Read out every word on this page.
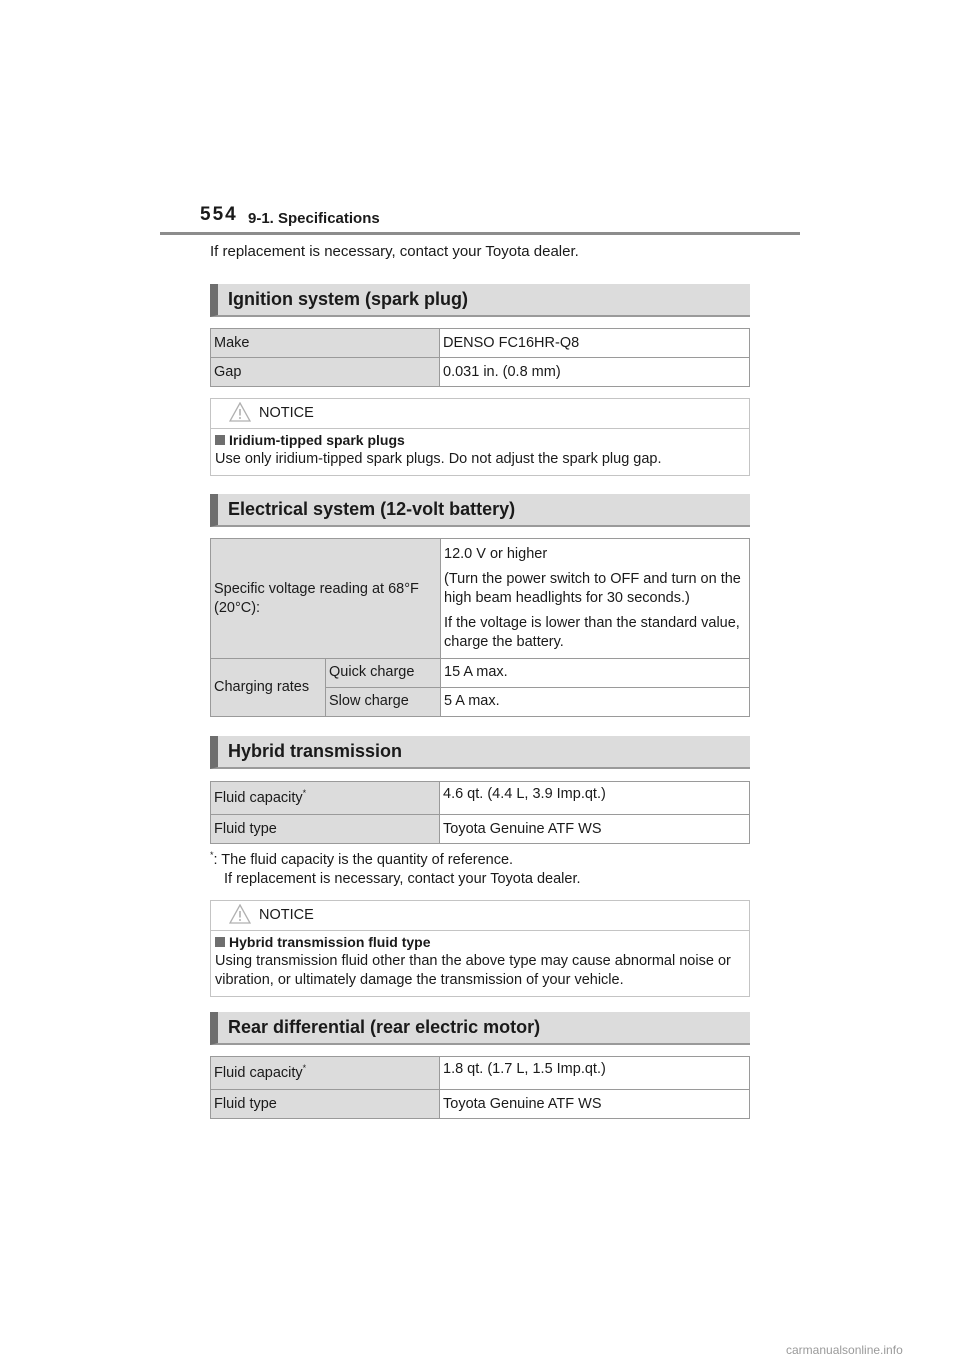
554 9-1. Specifications
If replacement is necessary, contact your Toyota dealer.
Ignition system (spark plug)
Make	DENSO FC16HR-Q8
Gap	0.031 in. (0.8 mm)
NOTICE
Iridium-tipped spark plugs
Use only iridium-tipped spark plugs. Do not adjust the spark plug gap.
Electrical system (12-volt battery)
Specific voltage reading at 68°F (20°C):		12.0 V or higher
(Turn the power switch to OFF and turn on the high beam headlights for 30 seconds.)
If the voltage is lower than the standard value, charge the battery.

Charging rates	Quick charge	15 A max.
	Slow charge	5 A max.
Hybrid transmission
Fluid capacity*	4.6 qt. (4.4 L, 3.9 Imp.qt.)
Fluid type	Toyota Genuine ATF WS
*: The fluid capacity is the quantity of reference.
If replacement is necessary, contact your Toyota dealer.
NOTICE
Hybrid transmission fluid type
Using transmission fluid other than the above type may cause abnormal noise or vibration, or ultimately damage the transmission of your vehicle.
Rear differential (rear electric motor)
Fluid capacity*	1.8 qt. (1.7 L, 1.5 Imp.qt.)
Fluid type	Toyota Genuine ATF WS
carmanualsonline.info
